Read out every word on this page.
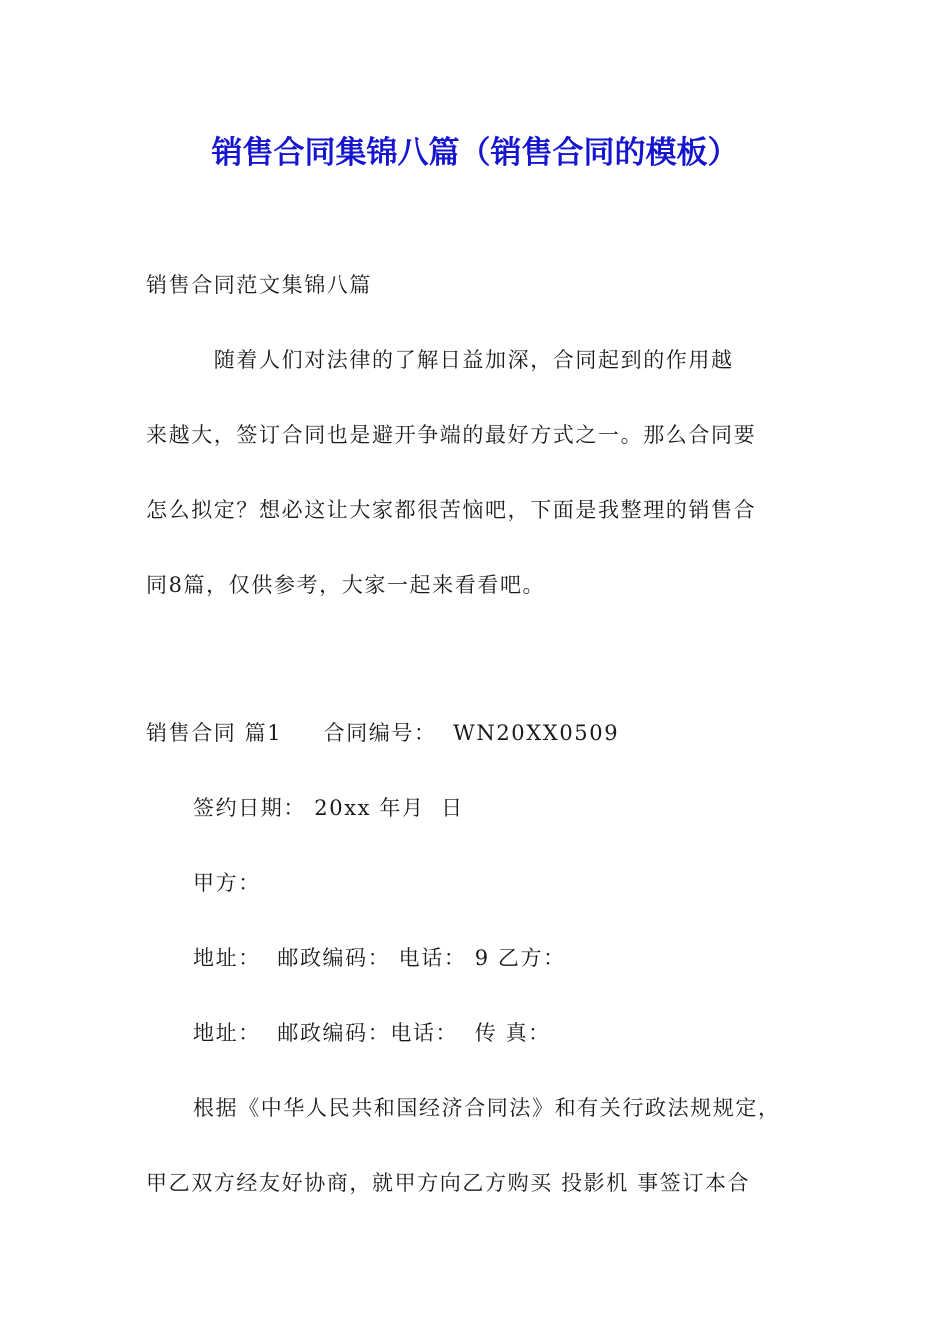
销售合同集锦八篇（销售合同的模板）

销售合同范文集锦八篇

　　　随着人们对法律的了解日益加深，合同起到的作用越

来越大，签订合同也是避开争端的最好方式之一。那么合同要

怎么拟定？想必这让大家都很苦恼吧，下面是我整理的销售合

同8篇，仅供参考，大家一起来看看吧。

销售合同 篇1     合同编号：  WN20XX0509

签约日期： 20xx 年月  日

甲方：

地址：  邮政编码： 电话： 9 乙方：

地址：  邮政编码：电话：  传 真：

根据《中华人民共和国经济合同法》和有关行政法规规定，

甲乙双方经友好协商，就甲方向乙方购买 投影机 事签订本合
